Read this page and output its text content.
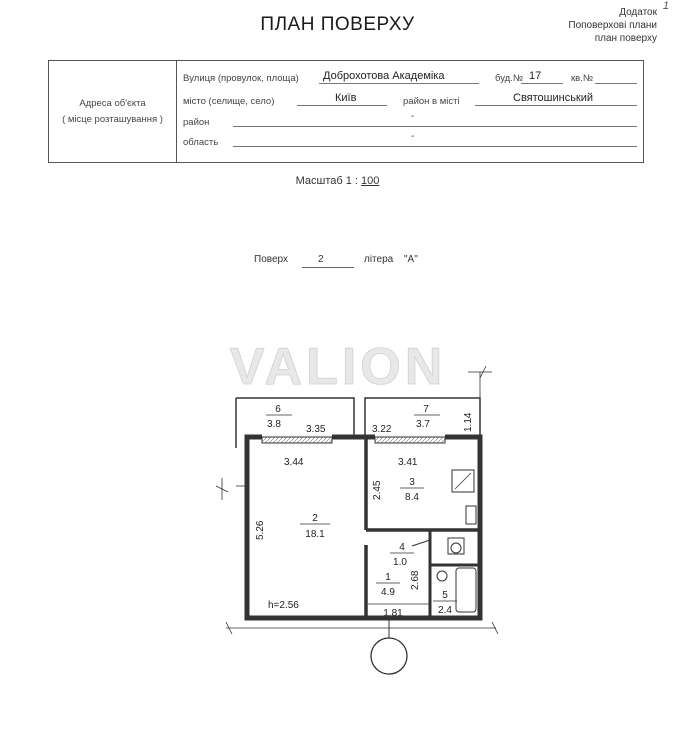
ПЛАН ПОВЕРХУ
Додаток
Поповерхові плани
план поверху
1
Адреса об'єкта
( місце розташування )
Вулиця (провулок, площа) Доброхотова Академіка	буд.№ 17	кв.№
місто (селище, село)	Київ	район в місті	Святошинський
район
-
область
-
Масштаб 1 : 100
Поверх	2	літера "А"
VALION
6
3.8
7
3.7
3
8.4
2
18.1
4
1.0
1
4.9	5
2.4
3.35	3.22	1.14
3.44	3.41
2.45
5.26
2.68
1.81
h=2.56
